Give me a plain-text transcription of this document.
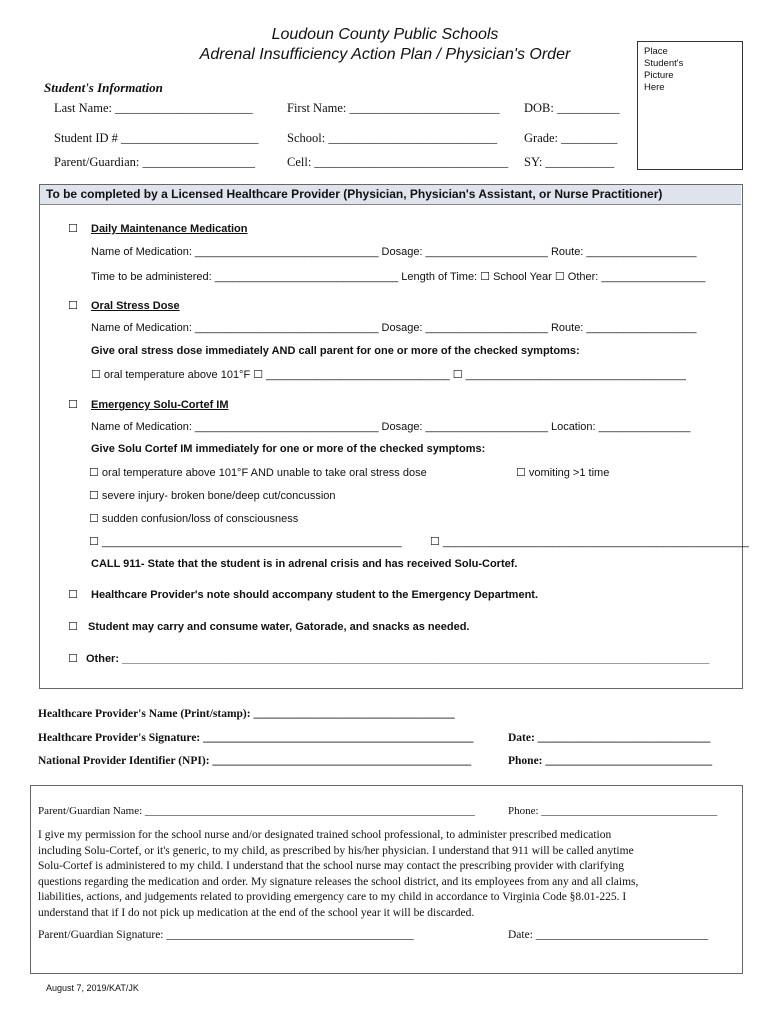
Loudoun County Public Schools
Adrenal Insufficiency Action Plan / Physician's Order	Place
Student's
Picture
Here
Student's Information
Last Name: ______________________	First Name: ________________________ DOB: __________
Student ID # ______________________ School: ___________________________ Grade: _________
Parent/Guardian: __________________	Cell: _______________________________ SY: ___________
To be completed by a Licensed Healthcare Provider (Physician, Physician's Assistant, or Nurse Practitioner)
☐ Daily Maintenance Medication
Name of Medication: ______________________________ Dosage: ____________________ Route: __________________
Time to be administered: ______________________________ Length of Time: ☐ School Year ☐ Other: _________________
☐ Oral Stress Dose
Name of Medication: ______________________________ Dosage: ____________________ Route: __________________
Give oral stress dose immediately AND call parent for one or more of the checked symptoms:
☐ oral temperature above 101°F ☐ ______________________________ ☐ ____________________________________
☐ Emergency Solu-Cortef IM
Name of Medication: ______________________________ Dosage: ____________________ Location: _______________
Give Solu Cortef IM immediately for one or more of the checked symptoms:
☐ oral temperature above 101°F AND unable to take oral stress dose	☐ vomiting >1 time
☐ severe injury- broken bone/deep cut/concussion
☐ sudden confusion/loss of consciousness
☐ _________________________________________________	☐ __________________________________________________
CALL 911- State that the student is in adrenal crisis and has received Solu-Cortef.
☐ Healthcare Provider's note should accompany student to the Emergency Department.
☐ Student may carry and consume water, Gatorade, and snacks as needed.
☐ Other: ________________________________________________________________________________________________
Healthcare Provider's Name (Print/stamp): ___________________________________
Healthcare Provider's Signature: _______________________________________________	Date: ______________________________
National Provider Identifier (NPI): _____________________________________________	Phone: _____________________________
Parent/Guardian Name: ____________________________________________________________	Phone: ________________________________
I give my permission for the school nurse and/or designated trained school professional, to administer prescribed medication
including Solu-Cortef, or it's generic, to my child, as prescribed by his/her physician. I understand that 911 will be called anytime
Solu-Cortef is administered to my child. I understand that the school nurse may contact the prescribing provider with clarifying
questions regarding the medication and order. My signature releases the school district, and its employees from any and all claims,
liabilities, actions, and judgements related to providing emergency care to my child in accordance to Virginia Code §8.01-225. I
understand that if I do not pick up medication at the end of the school year it will be discarded.
Parent/Guardian Signature: ___________________________________________	Date: ______________________________
August 7, 2019/KAT/JK
